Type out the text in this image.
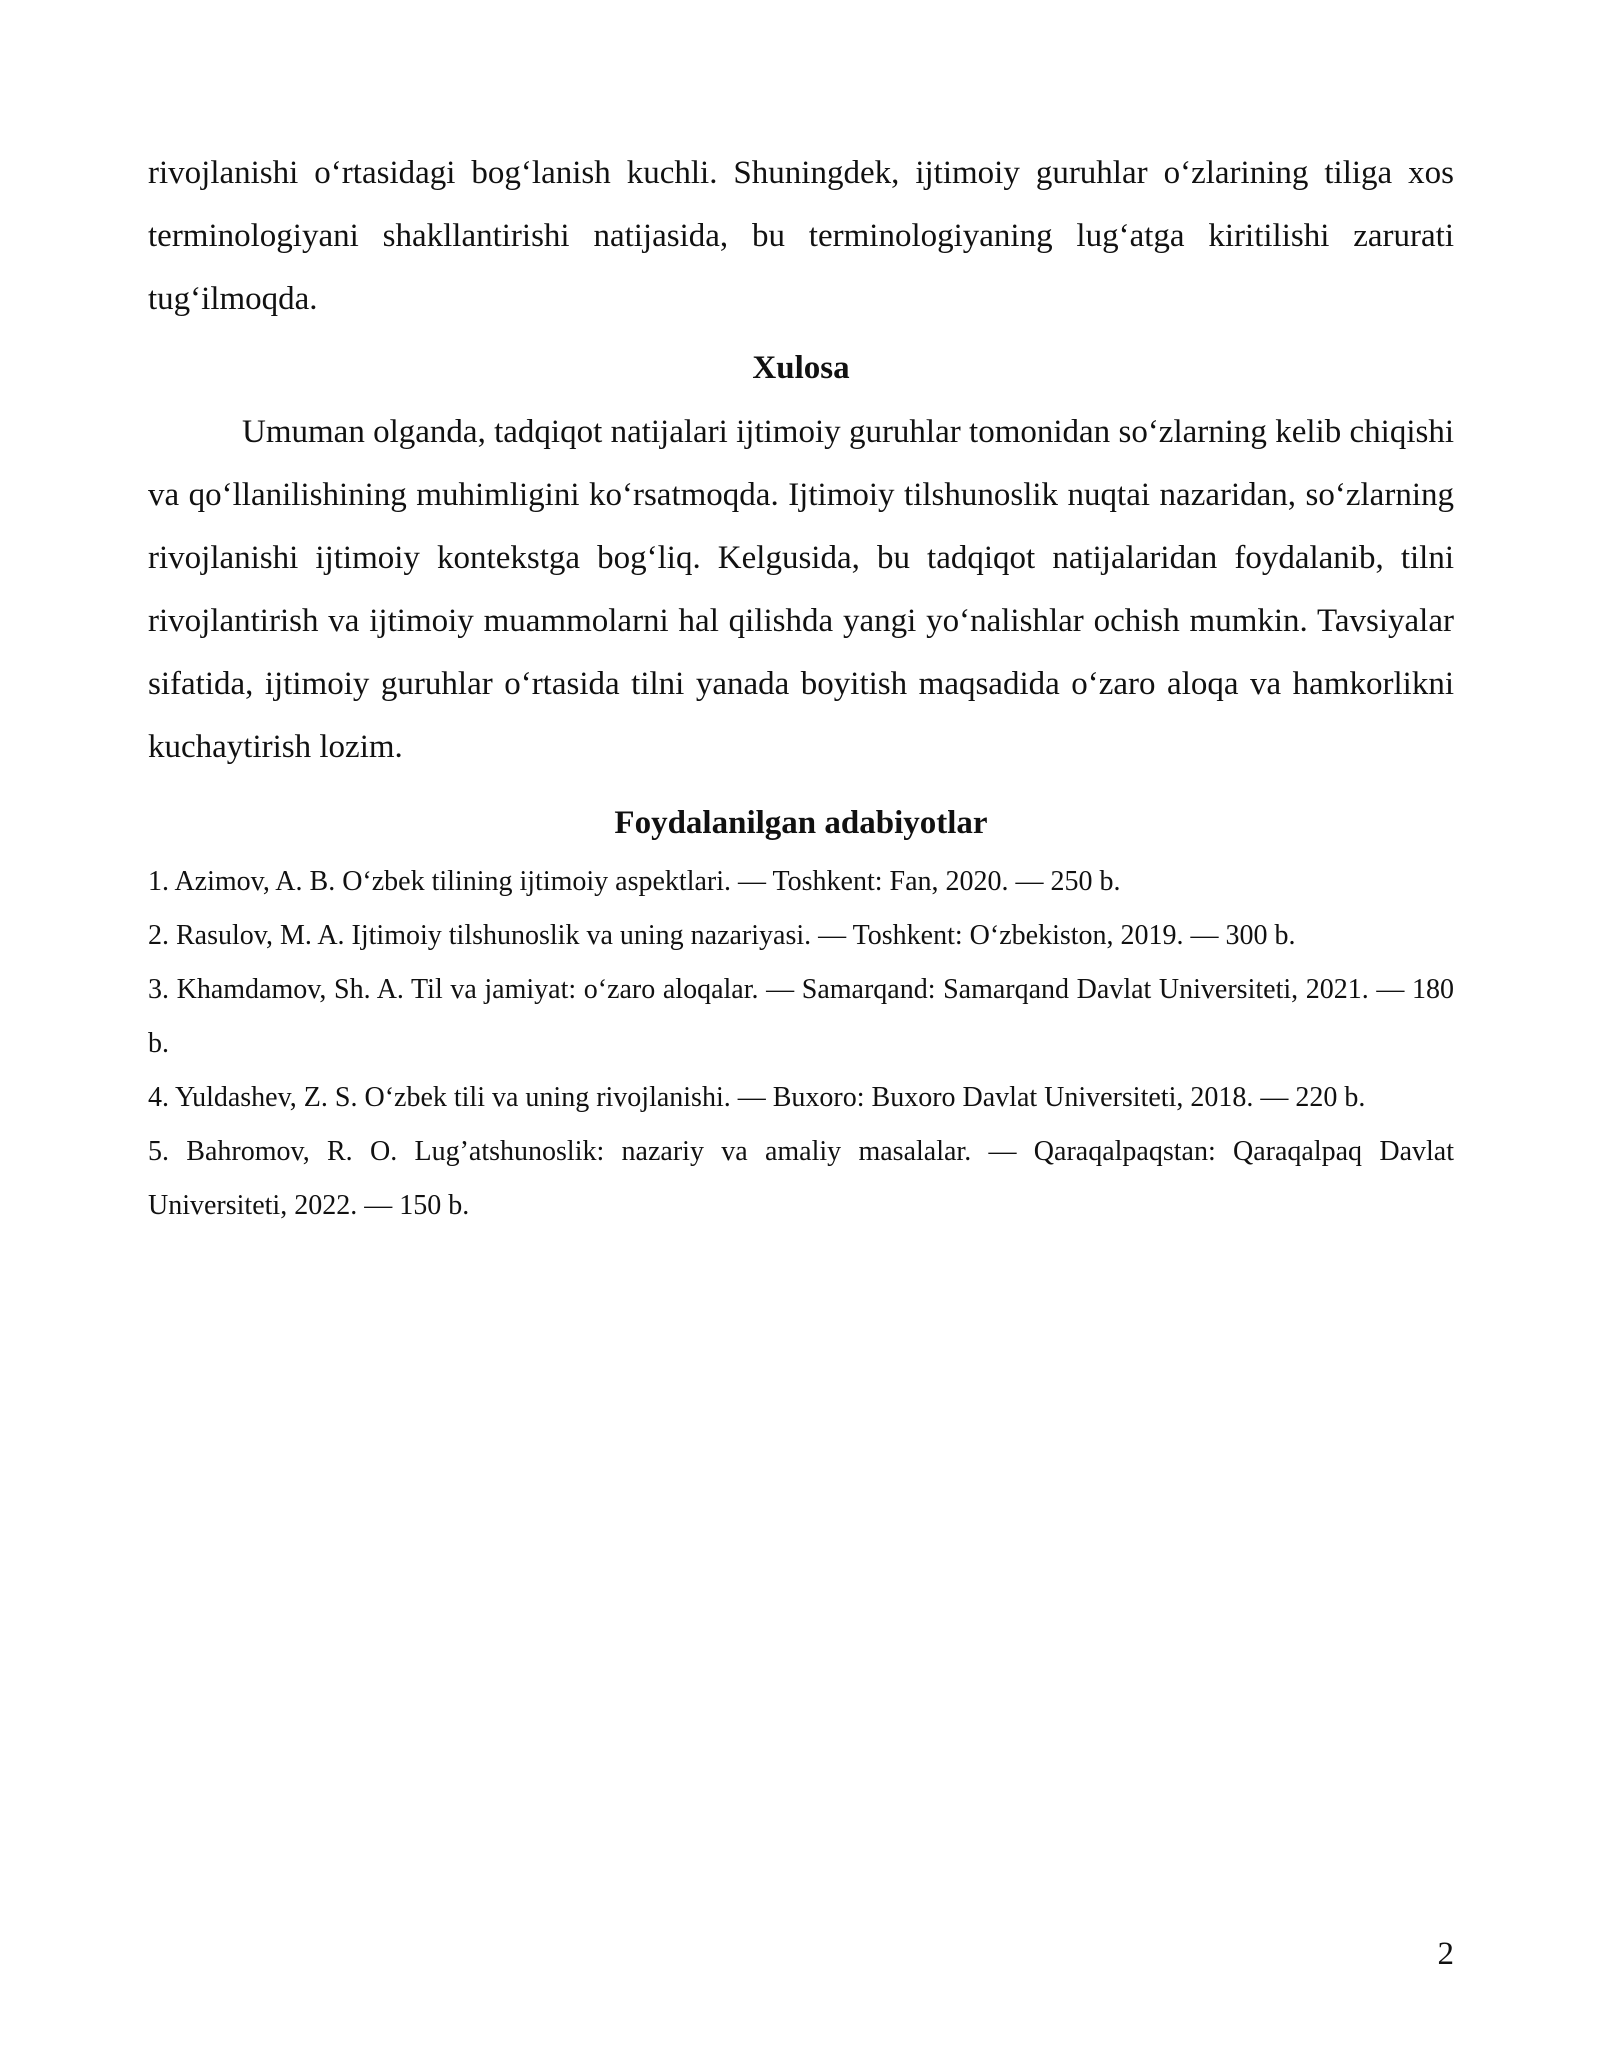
rivojlanishi o‘rtasidagi bog‘lanish kuchli. Shuningdek, ijtimoiy guruhlar o‘zlarining tiliga xos terminologiyani shakllantirishi natijasida, bu terminologiyaning lug‘atga kiritilishi zarurati tug‘ilmoqda.

Xulosa

Umuman olganda, tadqiqot natijalari ijtimoiy guruhlar tomonidan so‘zlarning kelib chiqishi va qo‘llanilishining muhimligini ko‘rsatmoqda. Ijtimoiy tilshunoslik nuqtai nazaridan, so‘zlarning rivojlanishi ijtimoiy kontekstga bog‘liq. Kelgusida, bu tadqiqot natijalaridan foydalanib, tilni rivojlantirish va ijtimoiy muammolarni hal qilishda yangi yo‘nalishlar ochish mumkin. Tavsiyalar sifatida, ijtimoiy guruhlar o‘rtasida tilni yanada boyitish maqsadida o‘zaro aloqa va hamkorlikni kuchaytirish lozim.

Foydalanilgan adabiyotlar
1. Azimov, A. B. O‘zbek tilining ijtimoiy aspektlari. — Toshkent: Fan, 2020. — 250 b.
2. Rasulov, M. A. Ijtimoiy tilshunoslik va uning nazariyasi. — Toshkent: O‘zbekiston, 2019. — 300 b.
3. Khamdamov, Sh. A. Til va jamiyat: o‘zaro aloqalar. — Samarqand: Samarqand Davlat Universiteti, 2021. — 180 b.
4. Yuldashev, Z. S. O‘zbek tili va uning rivojlanishi. — Buxoro: Buxoro Davlat Universiteti, 2018. — 220 b.
5. Bahromov, R. O. Lug’atshunoslik: nazariy va amaliy masalalar. — Qaraqalpaqstan: Qaraqalpaq Davlat Universiteti, 2022. — 150 b.
2
